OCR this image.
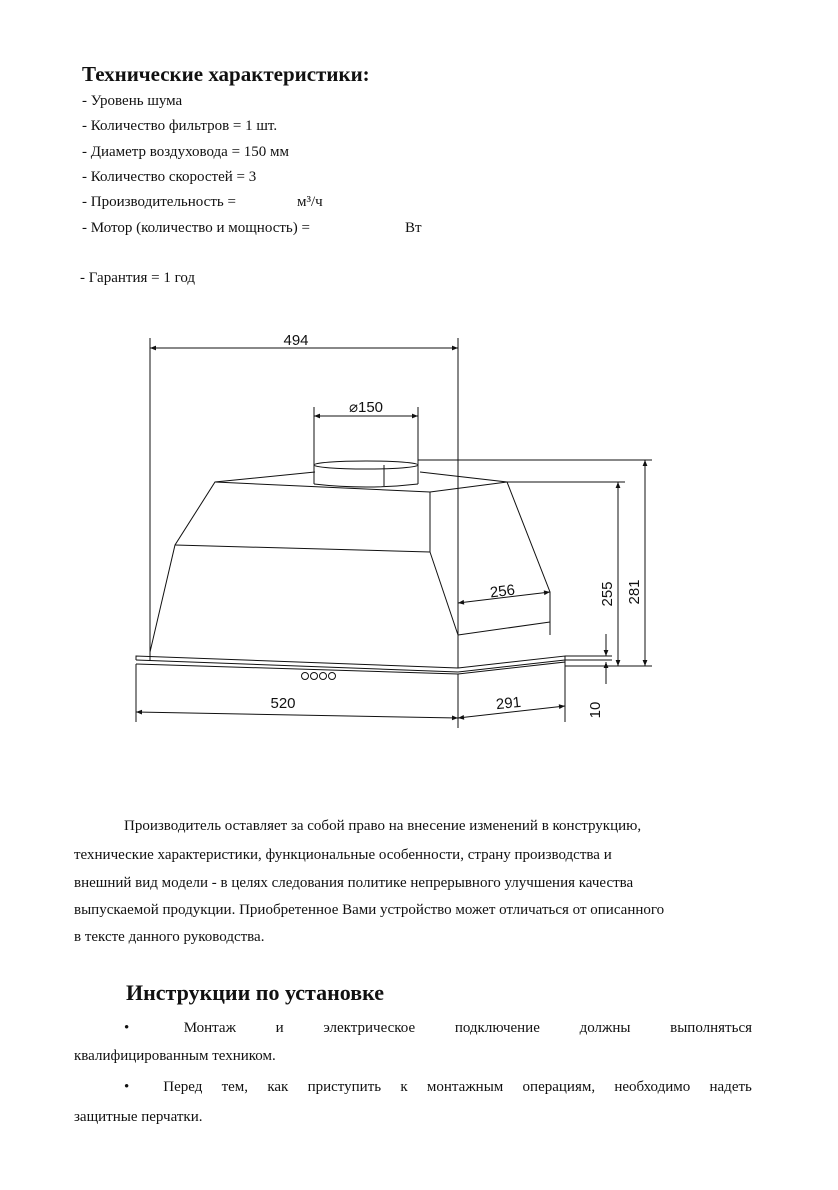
Технические характеристики:
- Уровень шума
- Количество фильтров = 1 шт.
- Диаметр воздуховода = 150 мм
- Количество скоростей = 3
- Производительность =	м³/ч
- Мотор (количество и мощность) =	Вт
- Гарантия = 1 год
494
⌀150
256	255 281
10
520	291
Производитель оставляет за собой право на внесение изменений в конструкцию,
технические характеристики, функциональные особенности, страну производства и
внешний вид модели - в целях следования политике непрерывного улучшения качества
выпускаемой продукции. Приобретенное Вами устройство может отличаться от описанного
в тексте данного руководства.
Инструкции по установке
•	Монтаж	и	электрическое	подключение	должны	выполняться
квалифицированным техником.
•	Перед тем, как приступить к монтажным операциям, необходимо надеть
защитные перчатки.
